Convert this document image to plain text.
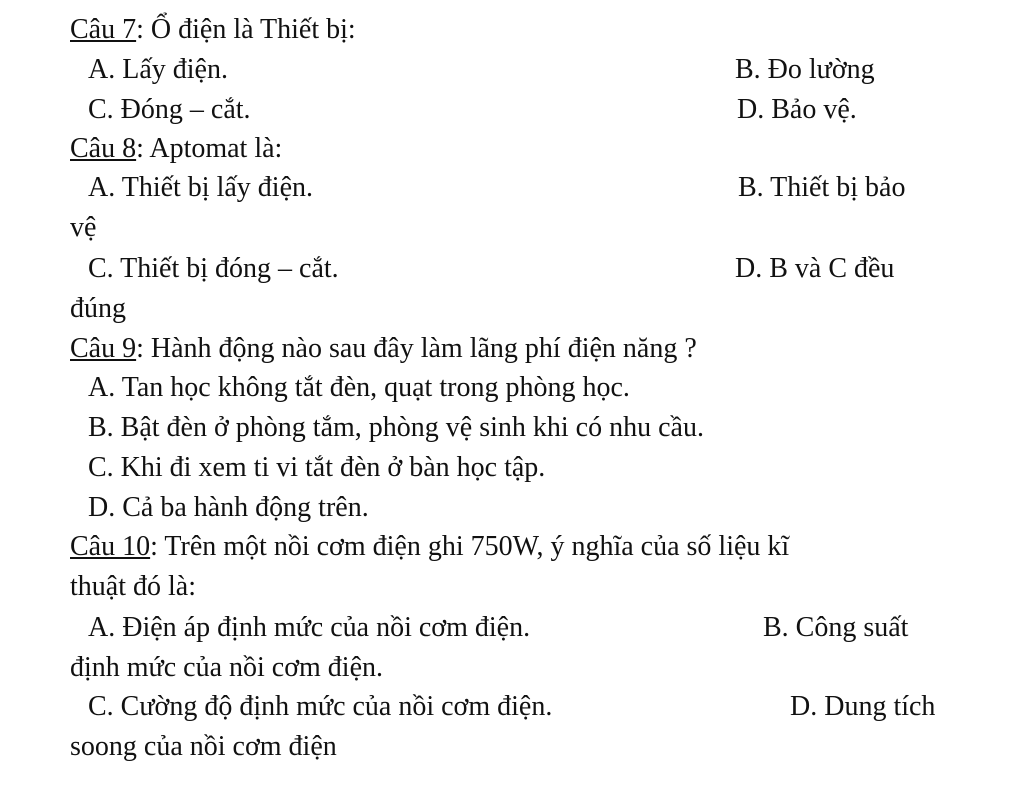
Câu 7: Ổ điện là Thiết bị:
A. Lấy điện.	B. Đo lường
C. Đóng – cắt.	D. Bảo vệ.
Câu 8: Aptomat là:
A. Thiết bị lấy điện.	B. Thiết bị bảo
vệ
C. Thiết bị đóng – cắt.	D. B và C đều
đúng
Câu 9: Hành động nào sau đây làm lãng phí điện năng ?
A. Tan học không tắt đèn, quạt trong phòng học.
B. Bật đèn ở phòng tắm, phòng vệ sinh khi có nhu cầu.
C. Khi đi xem ti vi tắt đèn ở bàn học tập.
D. Cả ba hành động trên.
Câu 10: Trên một nồi cơm điện ghi 750W, ý nghĩa của số liệu kĩ
thuật đó là:
A. Điện áp định mức của nồi cơm điện.	B. Công suất
định mức của nồi cơm điện.
C. Cường độ định mức của nồi cơm điện.	D. Dung tích
soong của nồi cơm điện
